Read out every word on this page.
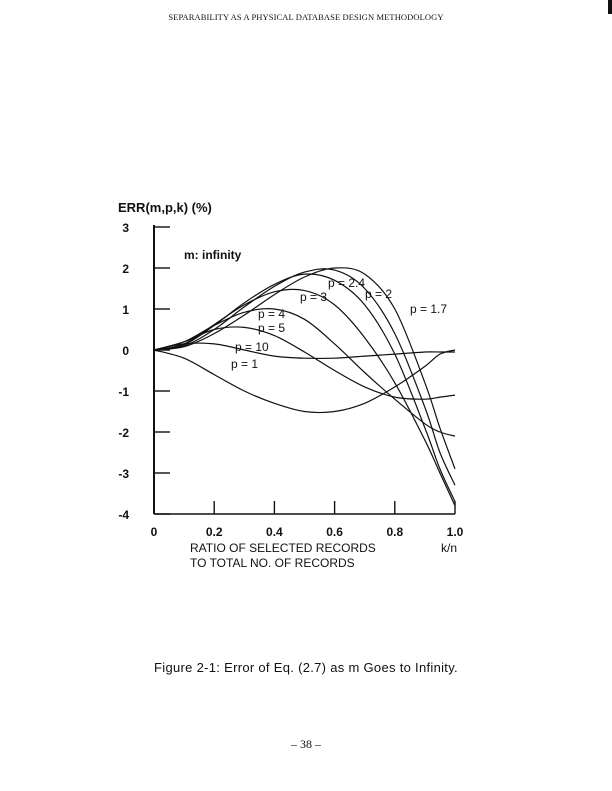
SEPARABILITY AS A PHYSICAL DATABASE DESIGN METHODOLOGY
ERR(m,p,k) (%)
m: infinity
3
2
1
0
-1
-2
-3
-4
0	0.2	0.4	0.6	0.8	1.0
p = 1.7
p = 2
p = 2.4
p = 3
p = 4
p = 5
p = 10
p = 1
RATIO OF SELECTED RECORDS
TO TOTAL NO. OF RECORDS
k/n
Figure 2-1: Error of Eq. (2.7) as m Goes to Infinity.
– 38 –
